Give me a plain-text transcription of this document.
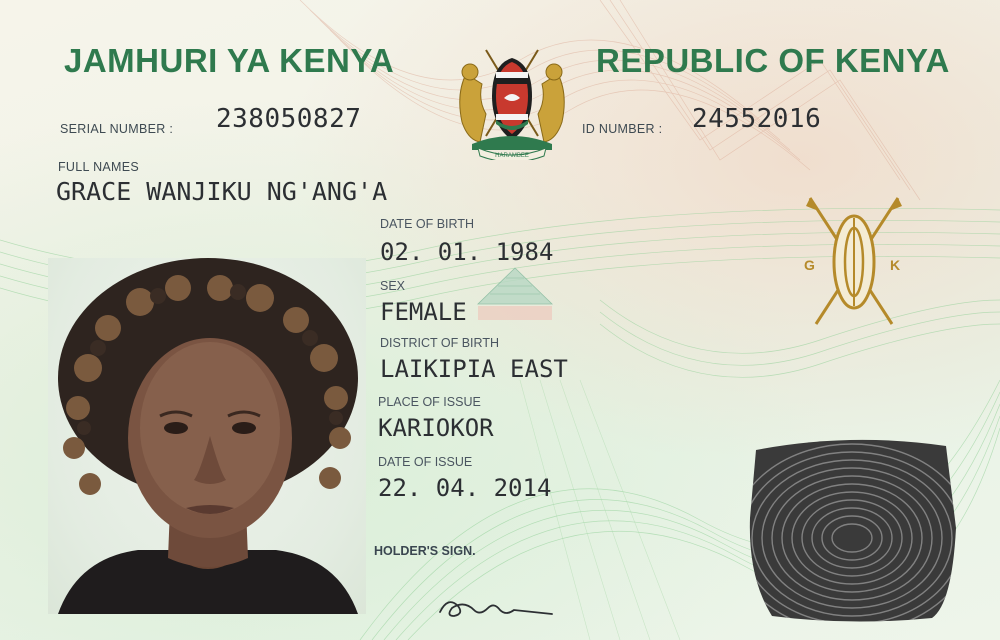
JAMHURI YA KENYA	REPUBLIC OF KENYA
HARAMBEE
SERIAL NUMBER : 238050827	ID NUMBER : 24552016
FULL NAMES
GRACE WANJIKU NG'ANG'A
DATE OF BIRTH
02. 01. 1984
SEX
FEMALE
DISTRICT OF BIRTH
LAIKIPIA EAST
PLACE OF ISSUE
KARIOKOR
DATE OF ISSUE
22. 04. 2014
HOLDER'S SIGN.
G	K
